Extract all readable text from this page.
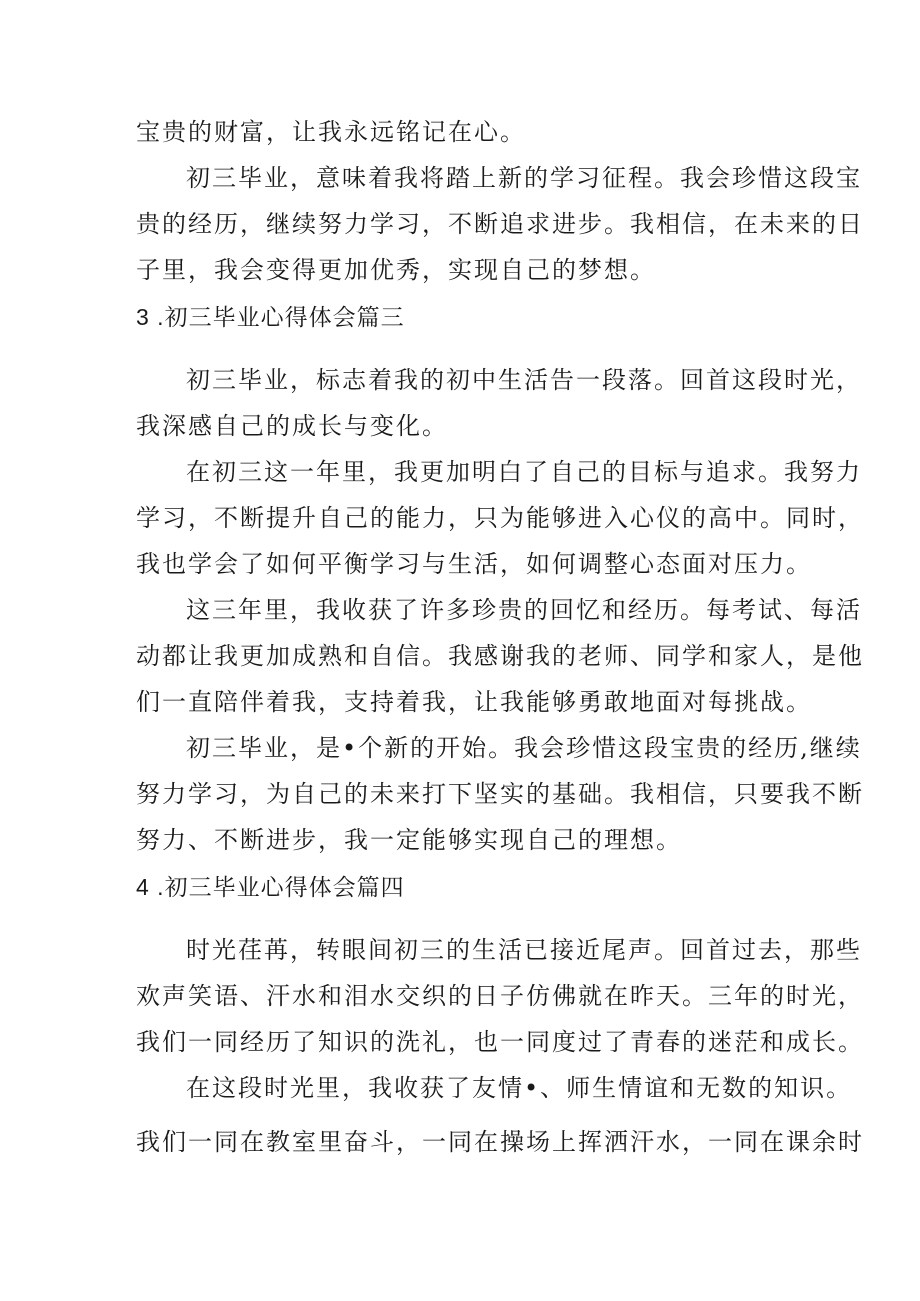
宝贵的财富，让我永远铭记在心。
初三毕业，意味着我将踏上新的学习征程。我会珍惜这段宝
贵的经历，继续努力学习，不断追求进步。我相信，在未来的日
子里，我会变得更加优秀，实现自己的梦想。
3 .初三毕业心得体会篇三
初三毕业，标志着我的初中生活告一段落。回首这段时光，
我深感自己的成长与变化。
在初三这一年里，我更加明白了自己的目标与追求。我努力
学习，不断提升自己的能力，只为能够进入心仪的高中。同时，
我也学会了如何平衡学习与生活，如何调整心态面对压力。
这三年里，我收获了许多珍贵的回忆和经历。每考试、每活
动都让我更加成熟和自信。我感谢我的老师、同学和家人，是他
们一直陪伴着我，支持着我，让我能够勇敢地面对每挑战。
初三毕业，是•个新的开始。我会珍惜这段宝贵的经历,继续
努力学习，为自己的未来打下坚实的基础。我相信，只要我不断
努力、不断进步，我一定能够实现自己的理想。
4 .初三毕业心得体会篇四
时光荏苒，转眼间初三的生活已接近尾声。回首过去，那些
欢声笑语、汗水和泪水交织的日子仿佛就在昨天。三年的时光，
我们一同经历了知识的洗礼，也一同度过了青春的迷茫和成长。
在这段时光里，我收获了友情•、师生情谊和无数的知识。
我们一同在教室里奋斗，一同在操场上挥洒汗水，一同在课余时
